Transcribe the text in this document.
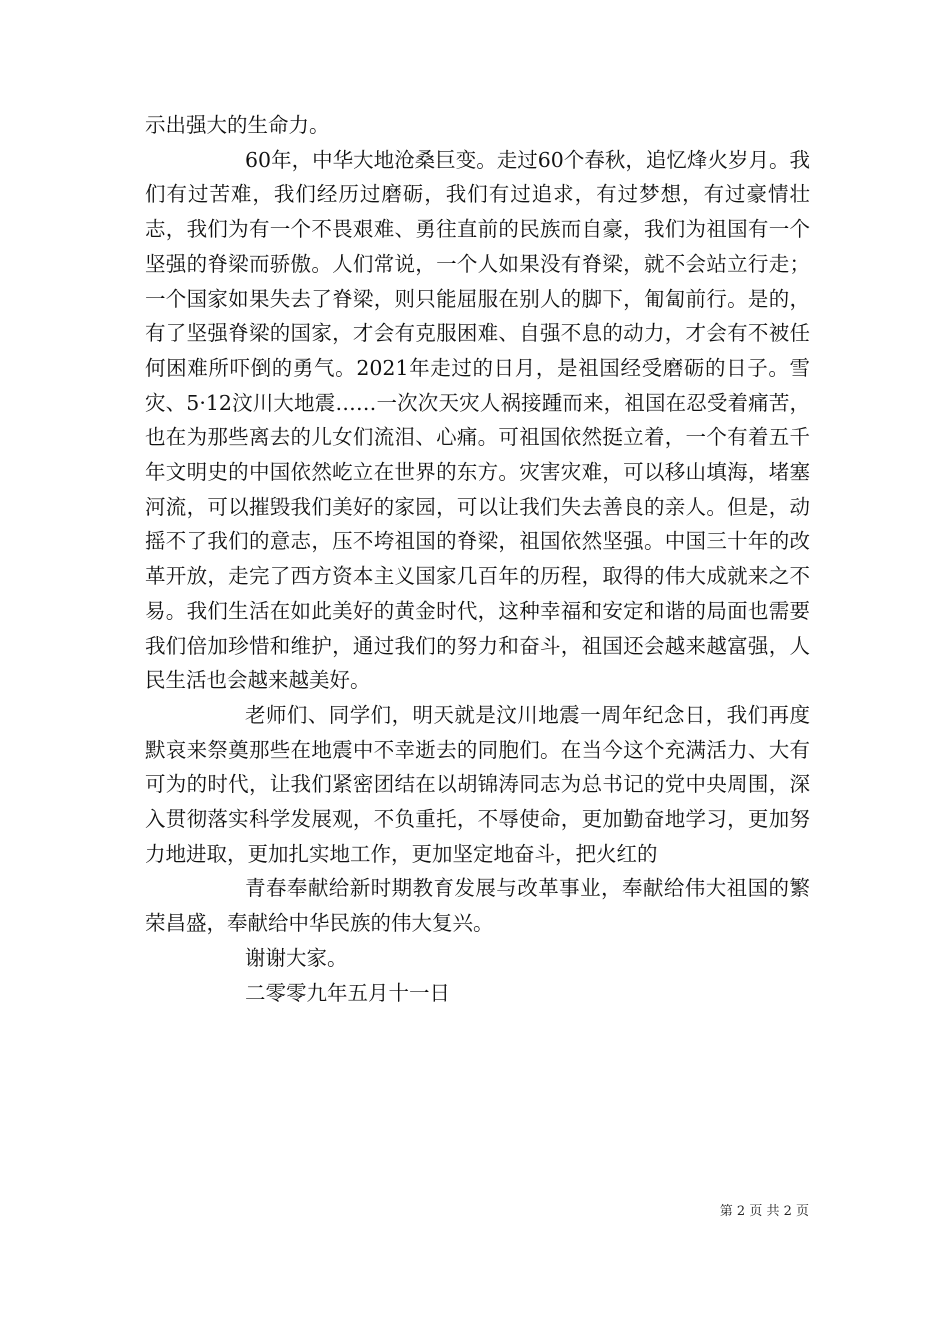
示出强大的生命力。

60年，中华大地沧桑巨变。走过60个春秋，追忆烽火岁月。我们有过苦难，我们经历过磨砺，我们有过追求，有过梦想，有过豪情壮志，我们为有一个不畏艰难、勇往直前的民族而自豪，我们为祖国有一个坚强的脊梁而骄傲。人们常说，一个人如果没有脊梁，就不会站立行走；一个国家如果失去了脊梁，则只能屈服在别人的脚下，匍匐前行。是的，有了坚强脊梁的国家，才会有克服困难、自强不息的动力，才会有不被任何困难所吓倒的勇气。2021年走过的日月，是祖国经受磨砺的日子。雪灾、5·12汶川大地震……一次次天灾人祸接踵而来，祖国在忍受着痛苦，也在为那些离去的儿女们流泪、心痛。可祖国依然挺立着，一个有着五千年文明史的中国依然屹立在世界的东方。灾害灾难，可以移山填海，堵塞河流，可以摧毁我们美好的家园，可以让我们失去善良的亲人。但是，动摇不了我们的意志，压不垮祖国的脊梁，祖国依然坚强。中国三十年的改革开放，走完了西方资本主义国家几百年的历程，取得的伟大成就来之不易。我们生活在如此美好的黄金时代，这种幸福和安定和谐的局面也需要我们倍加珍惜和维护，通过我们的努力和奋斗，祖国还会越来越富强，人民生活也会越来越美好。

老师们、同学们，明天就是汶川地震一周年纪念日，我们再度默哀来祭奠那些在地震中不幸逝去的同胞们。在当今这个充满活力、大有可为的时代，让我们紧密团结在以胡锦涛同志为总书记的党中央周围，深入贯彻落实科学发展观，不负重托，不辱使命，更加勤奋地学习，更加努力地进取，更加扎实地工作，更加坚定地奋斗，把火红的

青春奉献给新时期教育发展与改革事业，奉献给伟大祖国的繁荣昌盛，奉献给中华民族的伟大复兴。

谢谢大家。

二零零九年五月十一日

第 2 页 共 2 页
